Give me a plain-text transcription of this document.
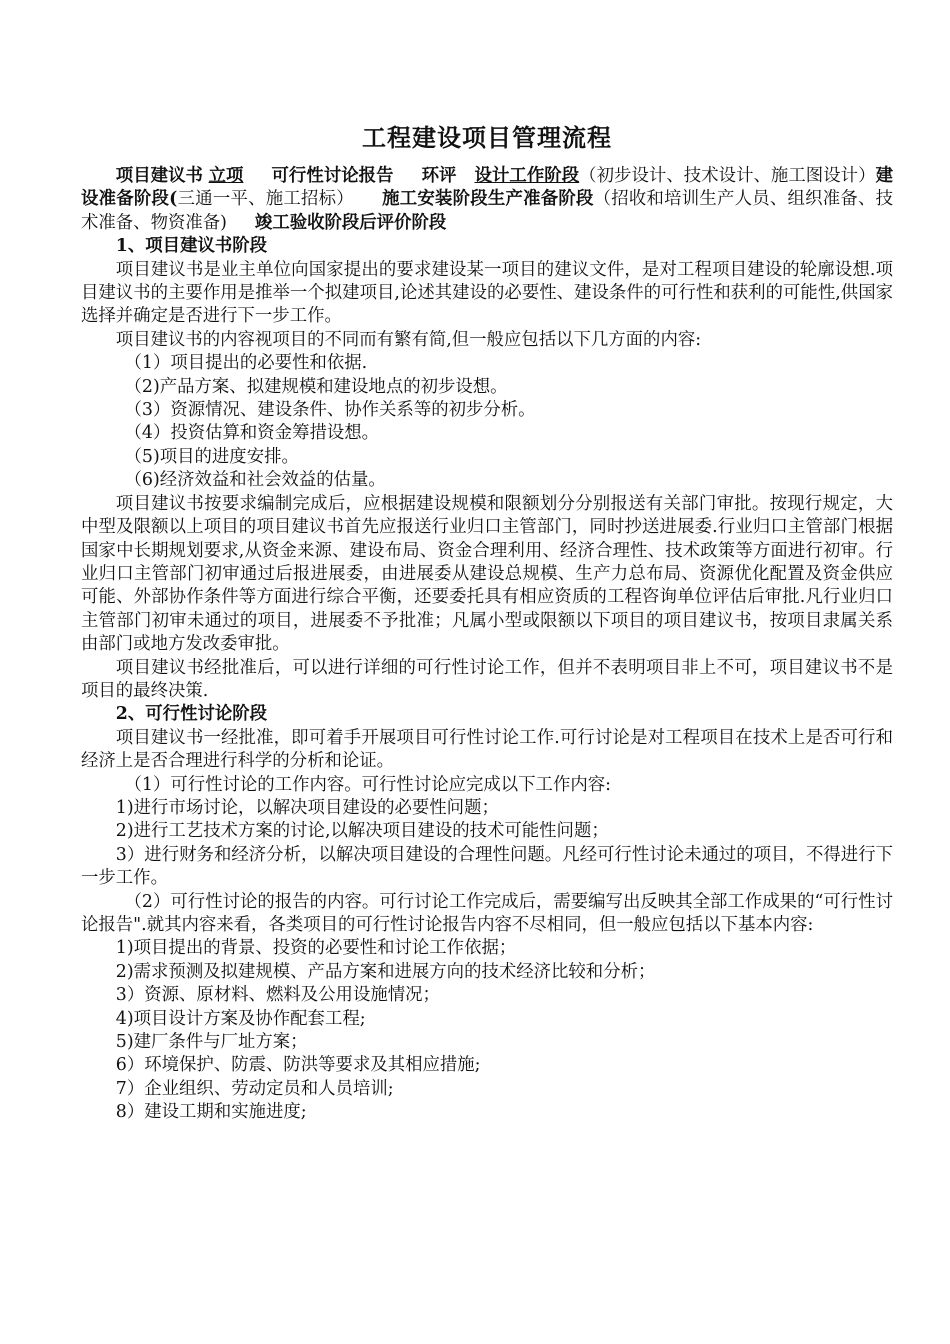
工程建设项目管理流程

项目建议书 立项 可行性讨论报告 环评 设计工作阶段（初步设计、技术设计、施工图设计）建设准备阶段(三通一平、施工招标） 施工安装阶段生产准备阶段（招收和培训生产人员、组织准备、技术准备、物资准备) 竣工验收阶段后评价阶段

1、项目建议书阶段

项目建议书是业主单位向国家提出的要求建设某一项目的建议文件，是对工程项目建设的轮廓设想.项目建议书的主要作用是推举一个拟建项目,论述其建设的必要性、建设条件的可行性和获利的可能性,供国家选择并确定是否进行下一步工作。

项目建议书的内容视项目的不同而有繁有简,但一般应包括以下几方面的内容:

（1）项目提出的必要性和依据.

（2)产品方案、拟建规模和建设地点的初步设想。

（3）资源情况、建设条件、协作关系等的初步分析。

（4）投资估算和资金筹措设想。

（5)项目的进度安排。

（6)经济效益和社会效益的估量。

项目建议书按要求编制完成后，应根据建设规模和限额划分分别报送有关部门审批。按现行规定，大中型及限额以上项目的项目建议书首先应报送行业归口主管部门，同时抄送进展委.行业归口主管部门根据国家中长期规划要求,从资金来源、建设布局、资金合理利用、经济合理性、技术政策等方面进行初审。行业归口主管部门初审通过后报进展委，由进展委从建设总规模、生产力总布局、资源优化配置及资金供应可能、外部协作条件等方面进行综合平衡，还要委托具有相应资质的工程咨询单位评估后审批.凡行业归口主管部门初审未通过的项目，进展委不予批准；凡属小型或限额以下项目的项目建议书，按项目隶属关系由部门或地方发改委审批。

项目建议书经批准后，可以进行详细的可行性讨论工作，但并不表明项目非上不可，项目建议书不是项目的最终决策.

2、可行性讨论阶段

项目建议书一经批准，即可着手开展项目可行性讨论工作.可行讨论是对工程项目在技术上是否可行和经济上是否合理进行科学的分析和论证。

（1）可行性讨论的工作内容。可行性讨论应完成以下工作内容:

1)进行市场讨论，以解决项目建设的必要性问题；

2)进行工艺技术方案的讨论,以解决项目建设的技术可能性问题；

3）进行财务和经济分析，以解决项目建设的合理性问题。凡经可行性讨论未通过的项目，不得进行下一步工作。

（2）可行性讨论的报告的内容。可行讨论工作完成后，需要编写出反映其全部工作成果的“可行性讨论报告".就其内容来看，各类项目的可行性讨论报告内容不尽相同，但一般应包括以下基本内容:

1)项目提出的背景、投资的必要性和讨论工作依据；

2)需求预测及拟建规模、产品方案和进展方向的技术经济比较和分析；

3）资源、原材料、燃料及公用设施情况；

4)项目设计方案及协作配套工程;

5)建厂条件与厂址方案；

6）环境保护、防震、防洪等要求及其相应措施;

7）企业组织、劳动定员和人员培训;

8）建设工期和实施进度;
